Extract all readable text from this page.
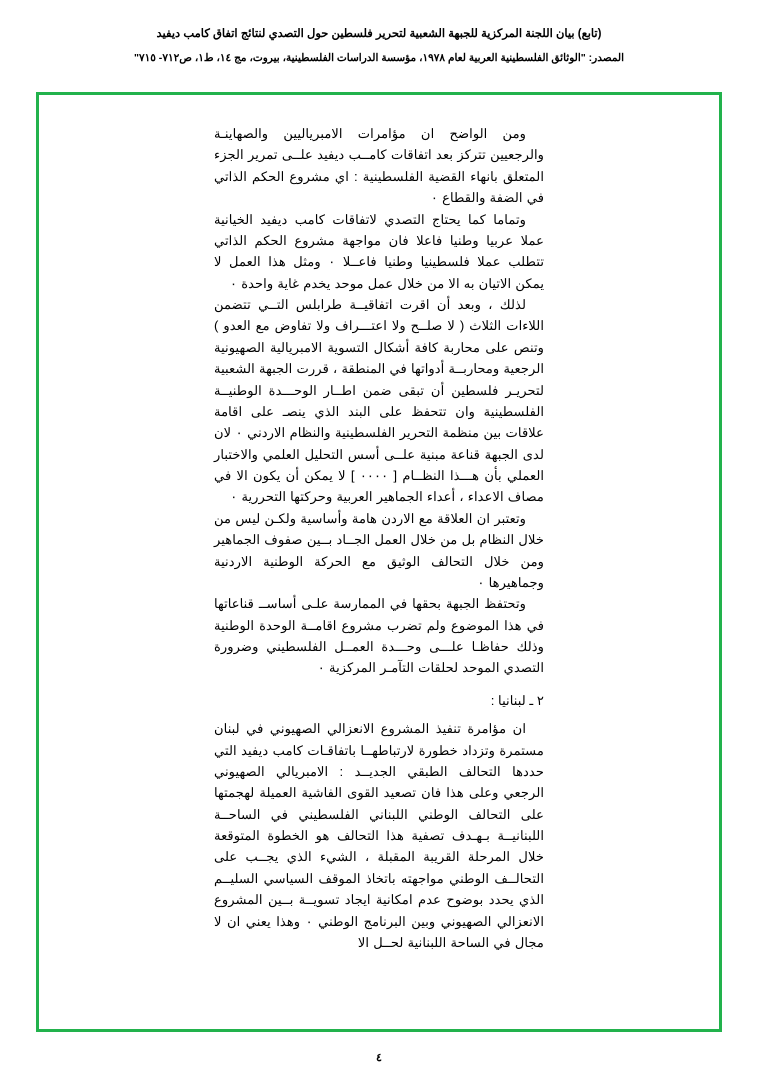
(تابع) بيان اللجنة المركزية للجبهة الشعبية لتحرير فلسطين حول التصدي لنتائج اتفاق كامب ديفيد
المصدر: "الوثائق الفلسطينية العربية لعام ١٩٧٨، مؤسسة الدراسات الفلسطينية، بيروت، مج ١٤، ط١، ص٧١٢- ٧١٥"

ومن الواضح ان مؤامرات الامبرياليين والصهاينـة والرجعيين تتركز بعد اتفاقات كامــب ديفيد علــى تمرير الجزء المتعلق بانهاء القضية الفلسطينية : اي مشروع الحكم الذاتي في الضفة والقطاع ٠

وتماما كما يحتاج التصدي لاتفاقات كامب ديفيد الخيانية عملا عربيا وطنيا فاعلا فان مواجهة مشروع الحكم الذاتي تتطلب عملا فلسطينيا وطنيا فاعــلا ٠ ومثل هذا العمل لا يمكن الاتيان به الا من خلال عمل موحد يخدم غاية واحدة ٠

لذلك ، وبعد أن اقرت اتفاقيــة طرابلس التــي تتضمن اللاءات الثلاث ( لا صلــح ولا اعتـــراف ولا تفاوض مع العدو ) وتنص على محاربة كافة أشكال التسوية الامبريالية الصهيونية الرجعية ومحاربــة أدواتها في المنطقة ، قررت الجبهة الشعبية لتحريـر فلسطين أن تبقى ضمن اطــار الوحـــدة الوطنيــة الفلسطينية وان تتحفظ على البند الذي ينصـ على اقامة علاقات بين منظمة التحرير الفلسطينية والنظام الاردني ٠ لان لدى الجبهة قناعة مبنية علــى أسس التحليل العلمي والاختبار العملي بأن هـــذا النظــام [ ٠٠٠٠ ] لا يمكن أن يكون الا في مصاف الاعداء ، أعداء الجماهير العربية وحركتها التحررية ٠

وتعتبر ان العلاقة مع الاردن هامة وأساسية ولكـن ليس من خلال النظام بل من خلال العمل الجــاد بــين صفوف الجماهير ومن خلال التحالف الوثيق مع الحركة الوطنية الاردنية وجماهيرها ٠

وتحتفظ الجبهة بحقها في الممارسة علـى أساســ قناعاتها في هذا الموضوع ولم تضرب مشروع اقامــة الوحدة الوطنية وذلك حفاظـا علـــى وحـــدة العمــل الفلسطيني وضرورة التصدي الموحد لحلقات التآمـر المركزية ٠

٢ ـ لبنانيا :

ان مؤامرة تنفيذ المشروع الانعزالي الصهيوني في لبنان مستمرة وتزداد خطورة لارتباطهــا باتفاقـات كامب ديفيد التي حددها التحالف الطبقي الجديــد : الامبريالي الصهيوني الرجعي وعلى هذا فان تصعيد القوى الفاشية العميلة لهجمتها على التحالف الوطني اللبناني الفلسطيني في الساحــة اللبنانيــة بـهـدف تصفية هذا التحالف هو الخطوة المتوقعة خلال المرحلة القريبة المقبلة ، الشيء الذي يجــب على التحالــف الوطني مواجهته باتخاذ الموقف السياسي السليــم الذي يحدد بوضوح عدم امكانية ايجاد تسويــة بــين المشروع الانعزالي الصهيوني وبين البرنامج الوطني ٠ وهذا يعني ان لا مجال في الساحة اللبنانية لحــل الا

٤
